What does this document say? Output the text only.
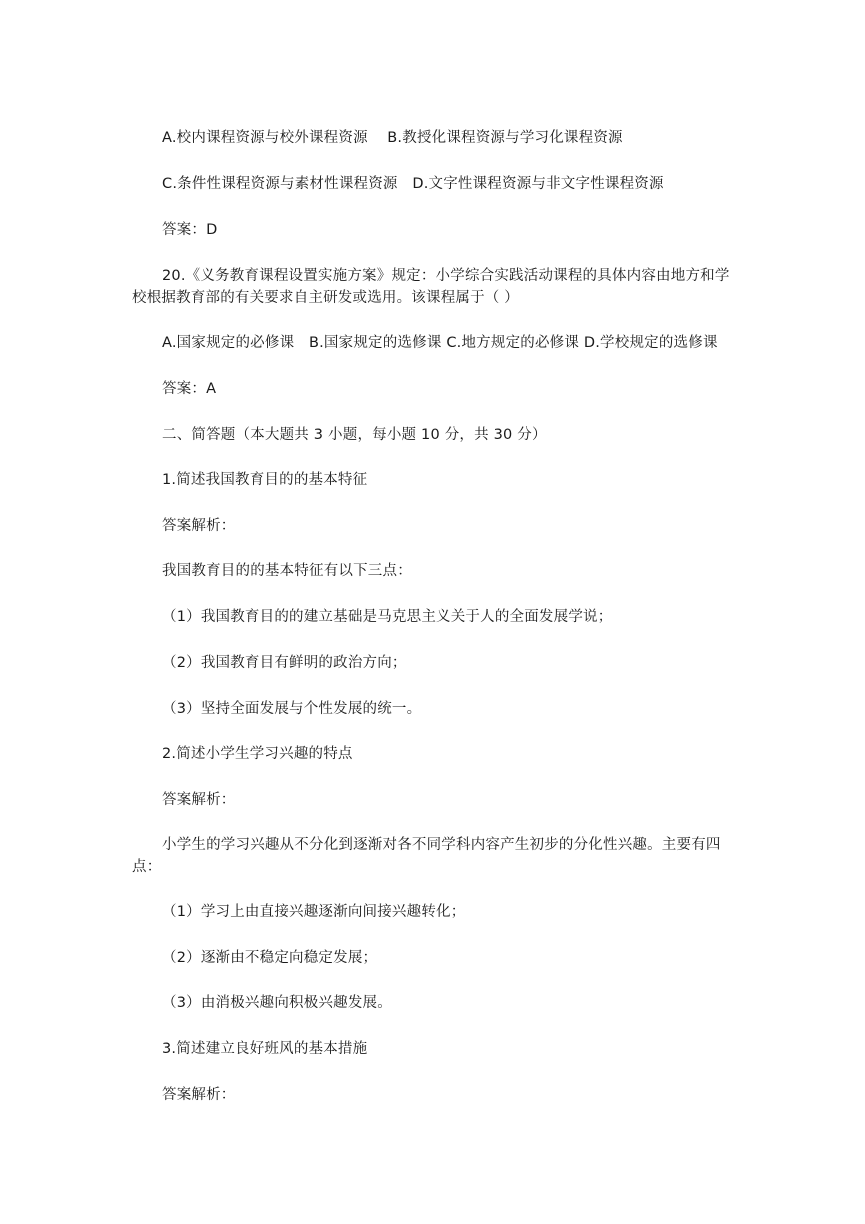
A.校内课程资源与校外课程资源　 B.教授化课程资源与学习化课程资源
C.条件性课程资源与素材性课程资源　D.文字性课程资源与非文字性课程资源
答案：D
20.《义务教育课程设置实施方案》规定：小学综合实践活动课程的具体内容由地方和学校根据教育部的有关要求自主研发或选用。该课程属于（ ）
A.国家规定的必修课　B.国家规定的选修课 C.地方规定的必修课 D.学校规定的选修课
答案：A
二、简答题（本大题共 3 小题，每小题 10 分，共 30 分）
1.简述我国教育目的的基本特征
答案解析：
我国教育目的的基本特征有以下三点：
（1）我国教育目的的建立基础是马克思主义关于人的全面发展学说；
（2）我国教育目有鲜明的政治方向；
（3）坚持全面发展与个性发展的统一。
2.简述小学生学习兴趣的特点
答案解析：
小学生的学习兴趣从不分化到逐渐对各不同学科内容产生初步的分化性兴趣。主要有四点：
（1）学习上由直接兴趣逐渐向间接兴趣转化；
（2）逐渐由不稳定向稳定发展；
（3）由消极兴趣向积极兴趣发展。
3.简述建立良好班风的基本措施
答案解析：
